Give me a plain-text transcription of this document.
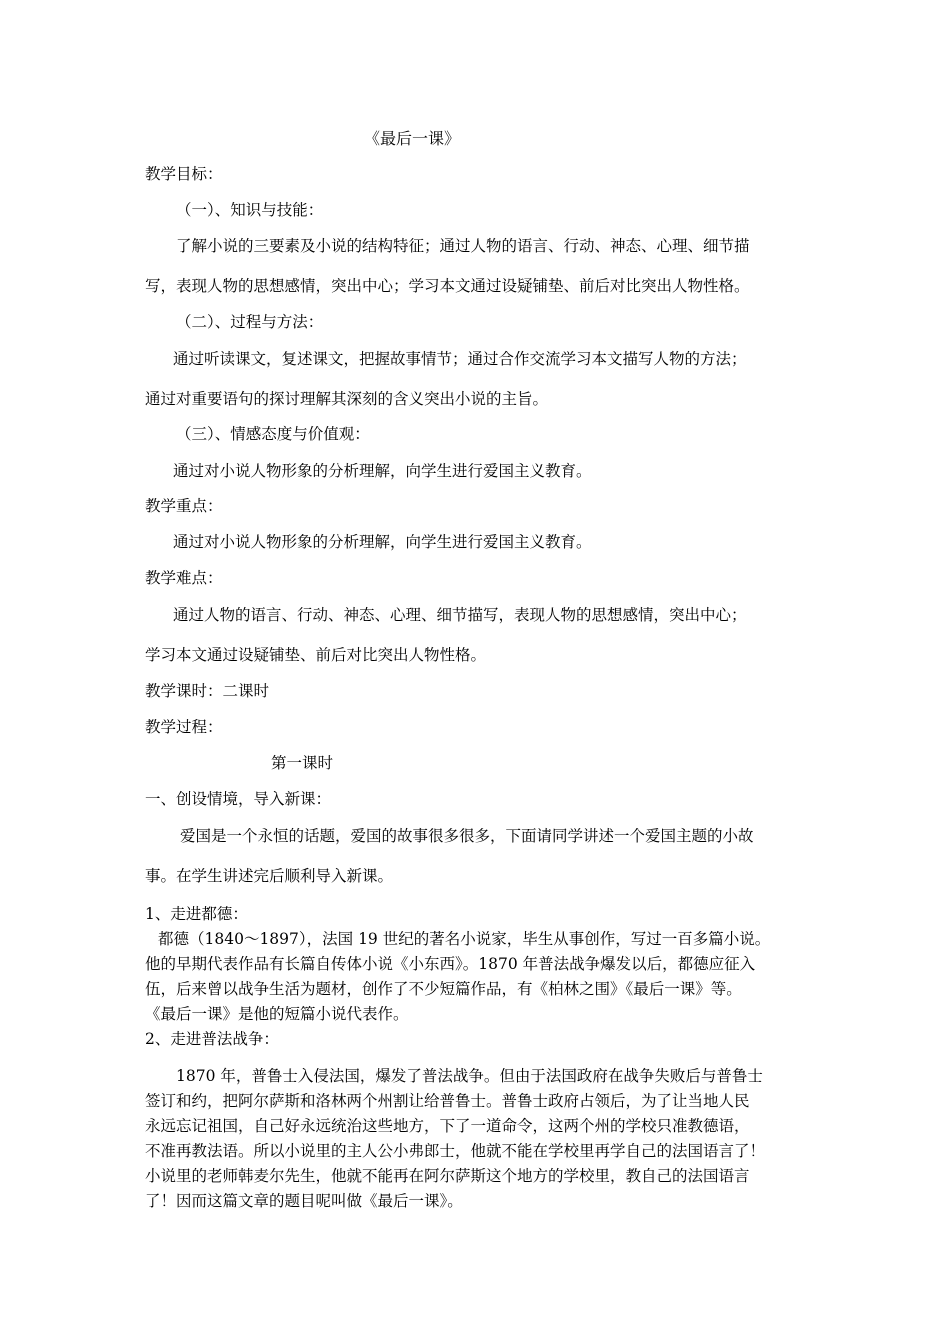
《最后一课》
教学目标：
（一）、知识与技能：
了解小说的三要素及小说的结构特征；通过人物的语言、行动、神态、心理、细节描
写，表现人物的思想感情，突出中心；学习本文通过设疑铺垫、前后对比突出人物性格。
（二）、过程与方法：
通过听读课文，复述课文，把握故事情节；通过合作交流学习本文描写人物的方法；
通过对重要语句的探讨理解其深刻的含义突出小说的主旨。
（三）、情感态度与价值观：
通过对小说人物形象的分析理解，向学生进行爱国主义教育。
教学重点：
通过对小说人物形象的分析理解，向学生进行爱国主义教育。
教学难点：
通过人物的语言、行动、神态、心理、细节描写，表现人物的思想感情，突出中心；
学习本文通过设疑铺垫、前后对比突出人物性格。
教学课时：二课时
教学过程：
第一课时
一、创设情境，导入新课：
爱国是一个永恒的话题，爱国的故事很多很多，下面请同学讲述一个爱国主题的小故
事。在学生讲述完后顺利导入新课。
1、走进都德：
都德（1840～1897），法国 19 世纪的著名小说家，毕生从事创作，写过一百多篇小说。
他的早期代表作品有长篇自传体小说《小东西》。1870 年普法战争爆发以后，都德应征入
伍，后来曾以战争生活为题材，创作了不少短篇作品，有《柏林之围》《最后一课》等。
《最后一课》是他的短篇小说代表作。
2、走进普法战争：
1870 年，普鲁士入侵法国，爆发了普法战争。但由于法国政府在战争失败后与普鲁士
签订和约，把阿尔萨斯和洛林两个州割让给普鲁士。普鲁士政府占领后，为了让当地人民
永远忘记祖国，自己好永远统治这些地方，下了一道命令，这两个州的学校只准教德语，
不准再教法语。所以小说里的主人公小弗郎士，他就不能在学校里再学自己的法国语言了！
小说里的老师韩麦尔先生，他就不能再在阿尔萨斯这个地方的学校里，教自己的法国语言
了！因而这篇文章的题目呢叫做《最后一课》。
